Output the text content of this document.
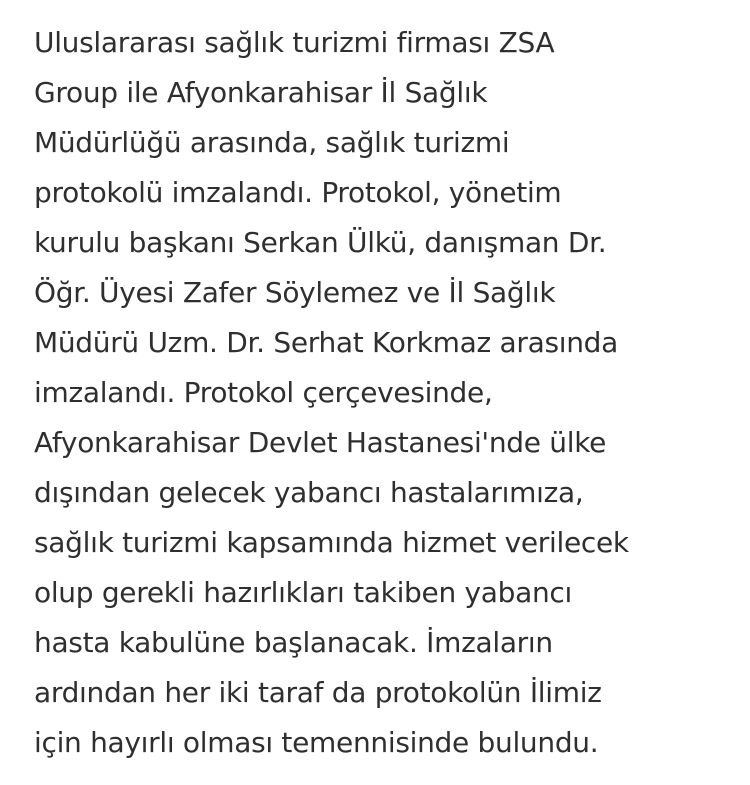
Uluslararası sağlık turizmi firması ZSA
Group ile Afyonkarahisar İl Sağlık
Müdürlüğü arasında, sağlık turizmi
protokolü imzalandı. Protokol, yönetim
kurulu başkanı Serkan Ülkü, danışman Dr.
Öğr. Üyesi Zafer Söylemez ve İl Sağlık
Müdürü Uzm. Dr. Serhat Korkmaz arasında
imzalandı. Protokol çerçevesinde,
Afyonkarahisar Devlet Hastanesi'nde ülke
dışından gelecek yabancı hastalarımıza,
sağlık turizmi kapsamında hizmet verilecek
olup gerekli hazırlıkları takiben yabancı
hasta kabulüne başlanacak. İmzaların
ardından her iki taraf da protokolün İlimiz
için hayırlı olması temennisinde bulundu.
